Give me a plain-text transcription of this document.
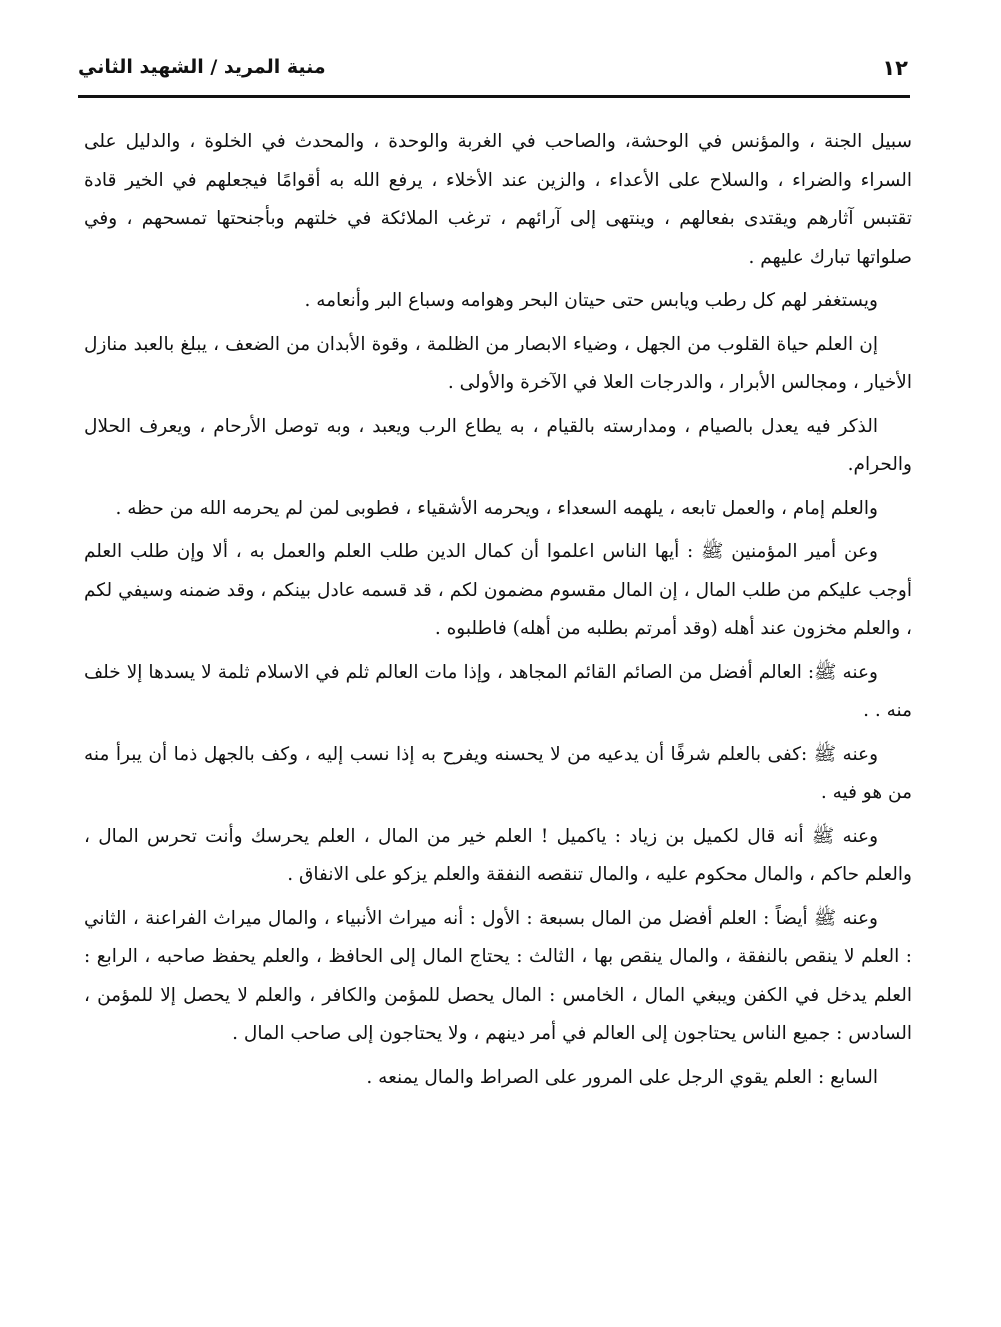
١٢
منية المريد / الشهيد الثاني

سبيل الجنة ، والمؤنس في الوحشة، والصاحب في الغربة والوحدة ، والمحدث في الخلوة ، والدليل على السراء والضراء ، والسلاح على الأعداء ، والزين عند الأخلاء ، يرفع الله به أقوامًا فيجعلهم في الخير قادة تقتبس آثارهم ويقتدى بفعالهم ، وينتهى إلى آرائهم ، ترغب الملائكة في خلتهم وبأجنحتها تمسحهم ، وفي صلواتها تبارك عليهم .

ويستغفر لهم كل رطب ويابس حتى حيتان البحر وهوامه وسباع البر وأنعامه .

إن العلم حياة القلوب من الجهل ، وضياء الابصار من الظلمة ، وقوة الأبدان من الضعف ، يبلغ بالعبد منازل الأخيار ، ومجالس الأبرار ، والدرجات العلا في الآخرة والأولى .

الذكر فيه يعدل بالصيام ، ومدارسته بالقيام ، به يطاع الرب ويعبد ، وبه توصل الأرحام ، ويعرف الحلال والحرام.

والعلم إمام ، والعمل تابعه ، يلهمه السعداء ، ويحرمه الأشقياء ، فطوبى لمن لم يحرمه الله من حظه .

وعن أمير المؤمنين ﷺ : أيها الناس اعلموا أن كمال الدين طلب العلم والعمل به ، ألا وإن طلب العلم أوجب عليكم من طلب المال ، إن المال مقسوم مضمون لكم ، قد قسمه عادل بينكم ، وقد ضمنه وسيفي لكم ، والعلم مخزون عند أهله (وقد أمرتم بطلبه من أهله) فاطلبوه .

وعنه ﷺ: العالم أفضل من الصائم القائم المجاهد ، وإذا مات العالم ثلم في الاسلام ثلمة لا يسدها إلا خلف منه . .

وعنه ﷺ :كفى بالعلم شرفًا أن يدعيه من لا يحسنه ويفرح به إذا نسب إليه ، وكف بالجهل ذما أن يبرأ منه من هو فيه .

وعنه ﷺ أنه قال لكميل بن زياد : ياكميل ! العلم خير من المال ، العلم يحرسك وأنت تحرس المال ، والعلم حاكم ، والمال محكوم عليه ، والمال تنقصه النفقة والعلم يزكو على الانفاق .

وعنه ﷺ أيضاً : العلم أفضل من المال بسبعة : الأول : أنه ميراث الأنبياء ، والمال ميراث الفراعنة ، الثاني : العلم لا ينقص بالنفقة ، والمال ينقص بها ، الثالث : يحتاج المال إلى الحافظ ، والعلم يحفظ صاحبه ، الرابع : العلم يدخل في الكفن ويبغي المال ، الخامس : المال يحصل للمؤمن والكافر ، والعلم لا يحصل إلا للمؤمن ، السادس : جميع الناس يحتاجون إلى العالم في أمر دينهم ، ولا يحتاجون إلى صاحب المال .

السابع : العلم يقوي الرجل على المرور على الصراط والمال يمنعه .
